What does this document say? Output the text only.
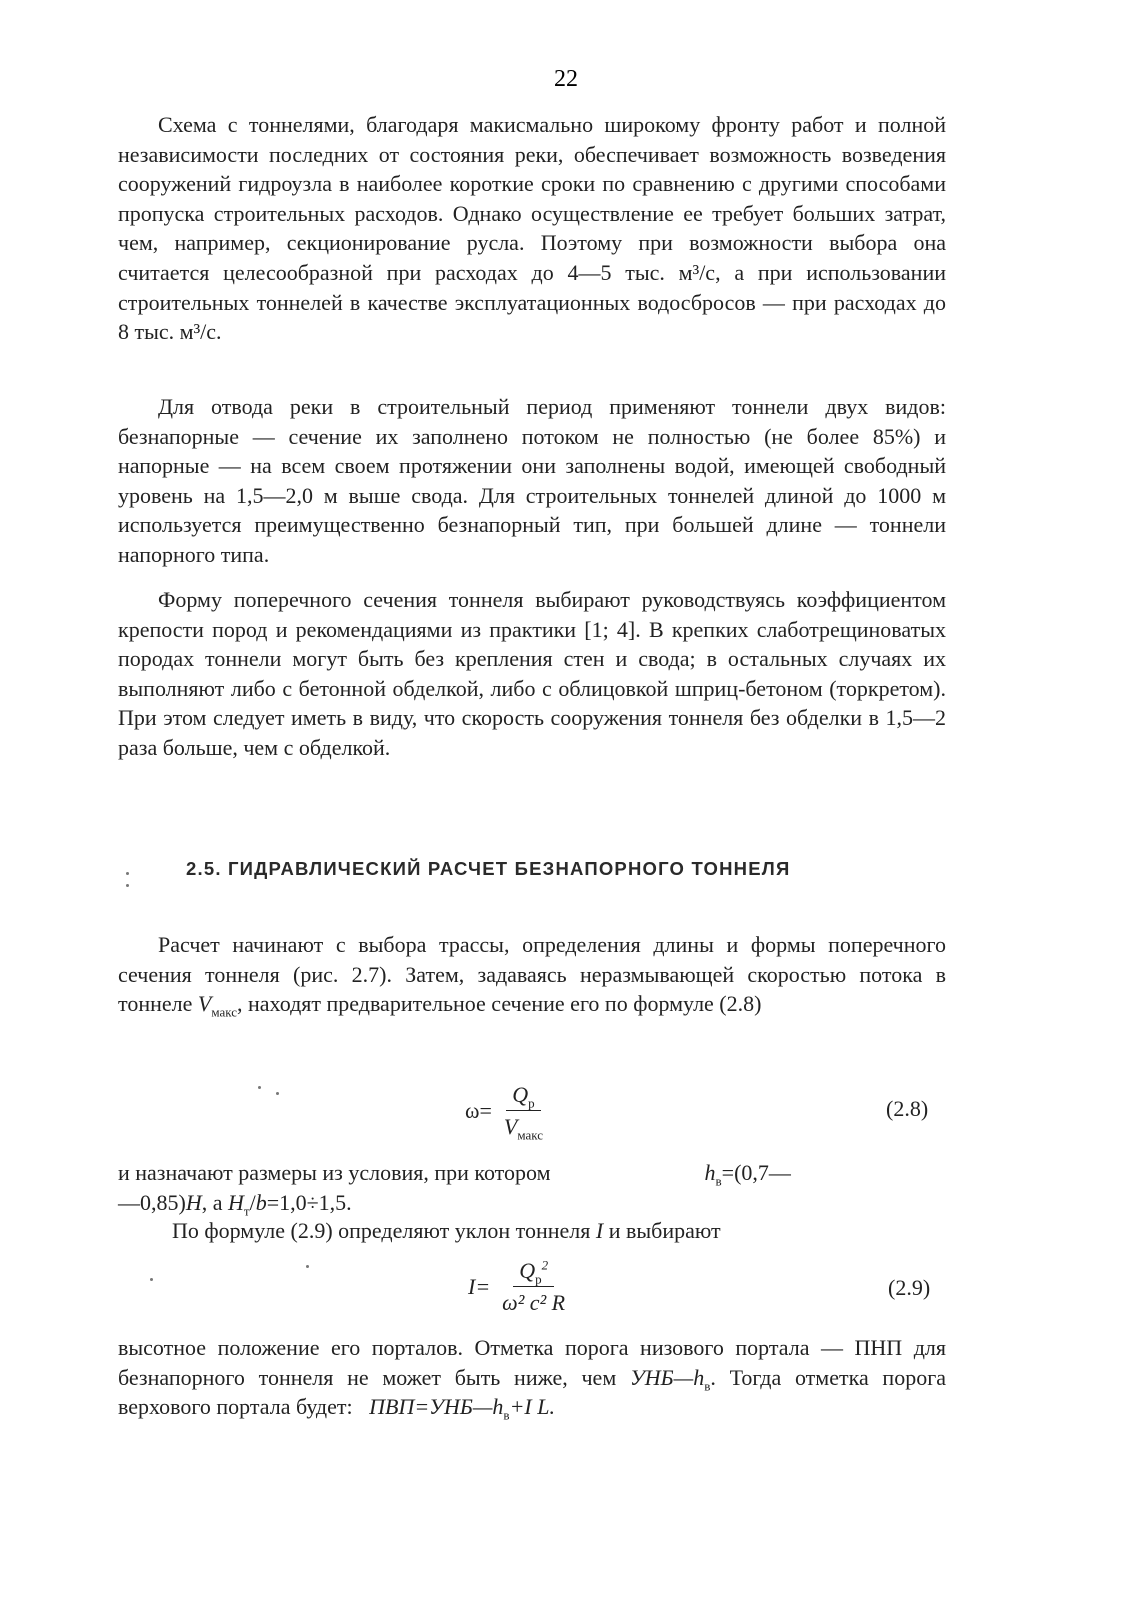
22

Схема с тоннелями, благодаря макисмально широкому фронту работ и полной независимости последних от состояния реки, обеспечивает возможность возведения сооружений гидроузла в наиболее короткие сроки по сравнению с другими способами пропуска строительных расходов. Однако осуществление ее требует больших затрат, чем, например, секционирование русла. Поэтому при возможности выбора она считается целесообразной при расходах до 4—5 тыс. м³/с, а при использовании строительных тоннелей в качестве эксплуатационных водосбросов — при расходах до 8 тыс. м³/с.

Для отвода реки в строительный период применяют тоннели двух видов: безнапорные — сечение их заполнено потоком не полностью (не более 85%) и напорные — на всем своем протяжении они заполнены водой, имеющей свободный уровень на 1,5—2,0 м выше свода. Для строительных тоннелей длиной до 1000 м используется преимущественно безнапорный тип, при большей длине — тоннели напорного типа.

Форму поперечного сечения тоннеля выбирают руководствуясь коэффициентом крепости пород и рекомендациями из практики [1; 4]. В крепких слаботрещиноватых породах тоннели могут быть без крепления стен и свода; в остальных случаях их выполняют либо с бетонной обделкой, либо с облицовкой шприц-бетоном (торкретом). При этом следует иметь в виду, что скорость сооружения тоннеля без обделки в 1,5—2 раза больше, чем с обделкой.

2.5. ГИДРАВЛИЧЕСКИЙ РАСЧЕТ БЕЗНАПОРНОГО ТОННЕЛЯ

Расчет начинают с выбора трассы, определения длины и формы поперечного сечения тоннеля (рис. 2.7). Затем, задаваясь неразмывающей скоростью потока в тоннеле $V_{макс}$, находят предварительное сечение его по формуле (2.8)

$\omega= \frac{Q_р}{V_{макс}}$	(2.8)

и назначают размеры из условия, при котором	$h_в=(0,7—$

—0,85)H, а $H_т/b=1,0\div 1,5$.

По формуле (2.9) определяют уклон тоннеля I и выбирают

$I= \frac{Q_р^2}{\text{ω² c² R}}$	(2.9)

высотное положение его порталов. Отметка порога низового портала — ПНП для безнапорного тоннеля не может быть ниже, чем $УНБ—h_в$. Тогда отметка порога верхового портала будет: $ПВП=УНБ—h_в+I$ L.
